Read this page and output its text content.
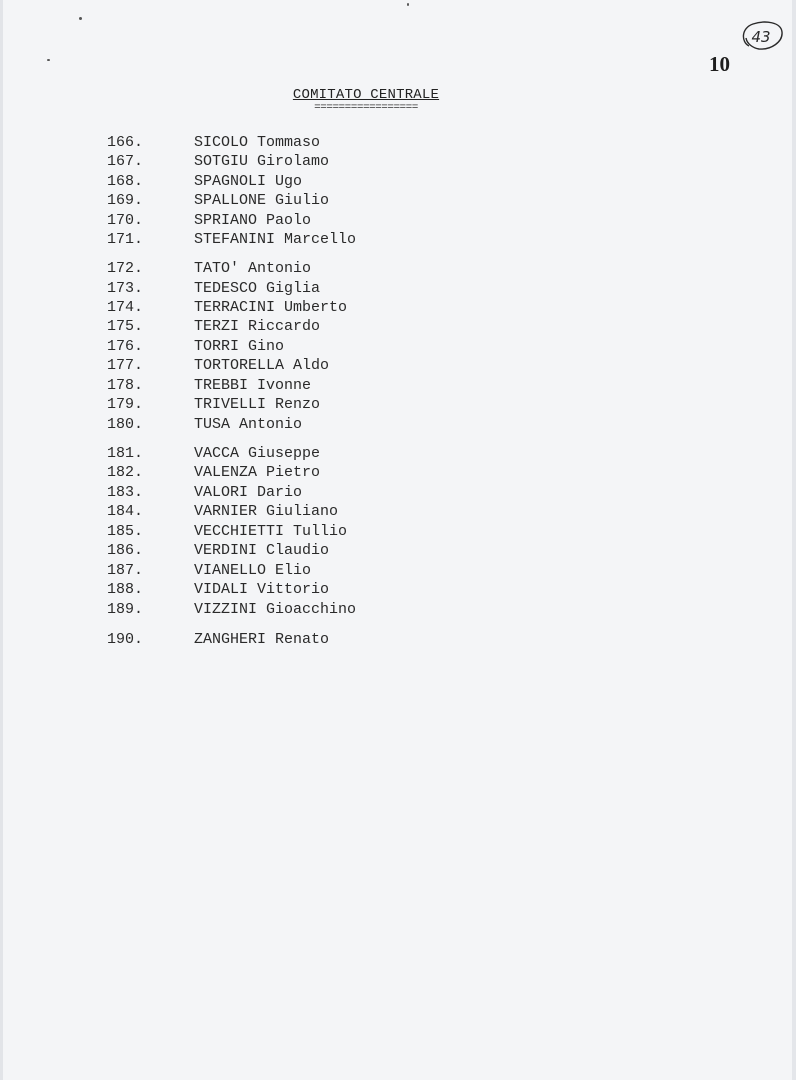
43
10
COMITATO CENTRALE
=================
166.	SICOLO Tommaso
167.	SOTGIU Girolamo
168.	SPAGNOLI Ugo
169.	SPALLONE Giulio
170.	SPRIANO Paolo
171.	STEFANINI Marcello
172.	TATO' Antonio
173.	TEDESCO Giglia
174.	TERRACINI Umberto
175.	TERZI Riccardo
176.	TORRI Gino
177.	TORTORELLA Aldo
178.	TREBBI Ivonne
179.	TRIVELLI Renzo
180.	TUSA Antonio
181.	VACCA Giuseppe
182.	VALENZA Pietro
183.	VALORI Dario
184.	VARNIER Giuliano
185.	VECCHIETTI Tullio
186.	VERDINI Claudio
187.	VIANELLO Elio
188.	VIDALI Vittorio
189.	VIZZINI Gioacchino
190.	ZANGHERI Renato
